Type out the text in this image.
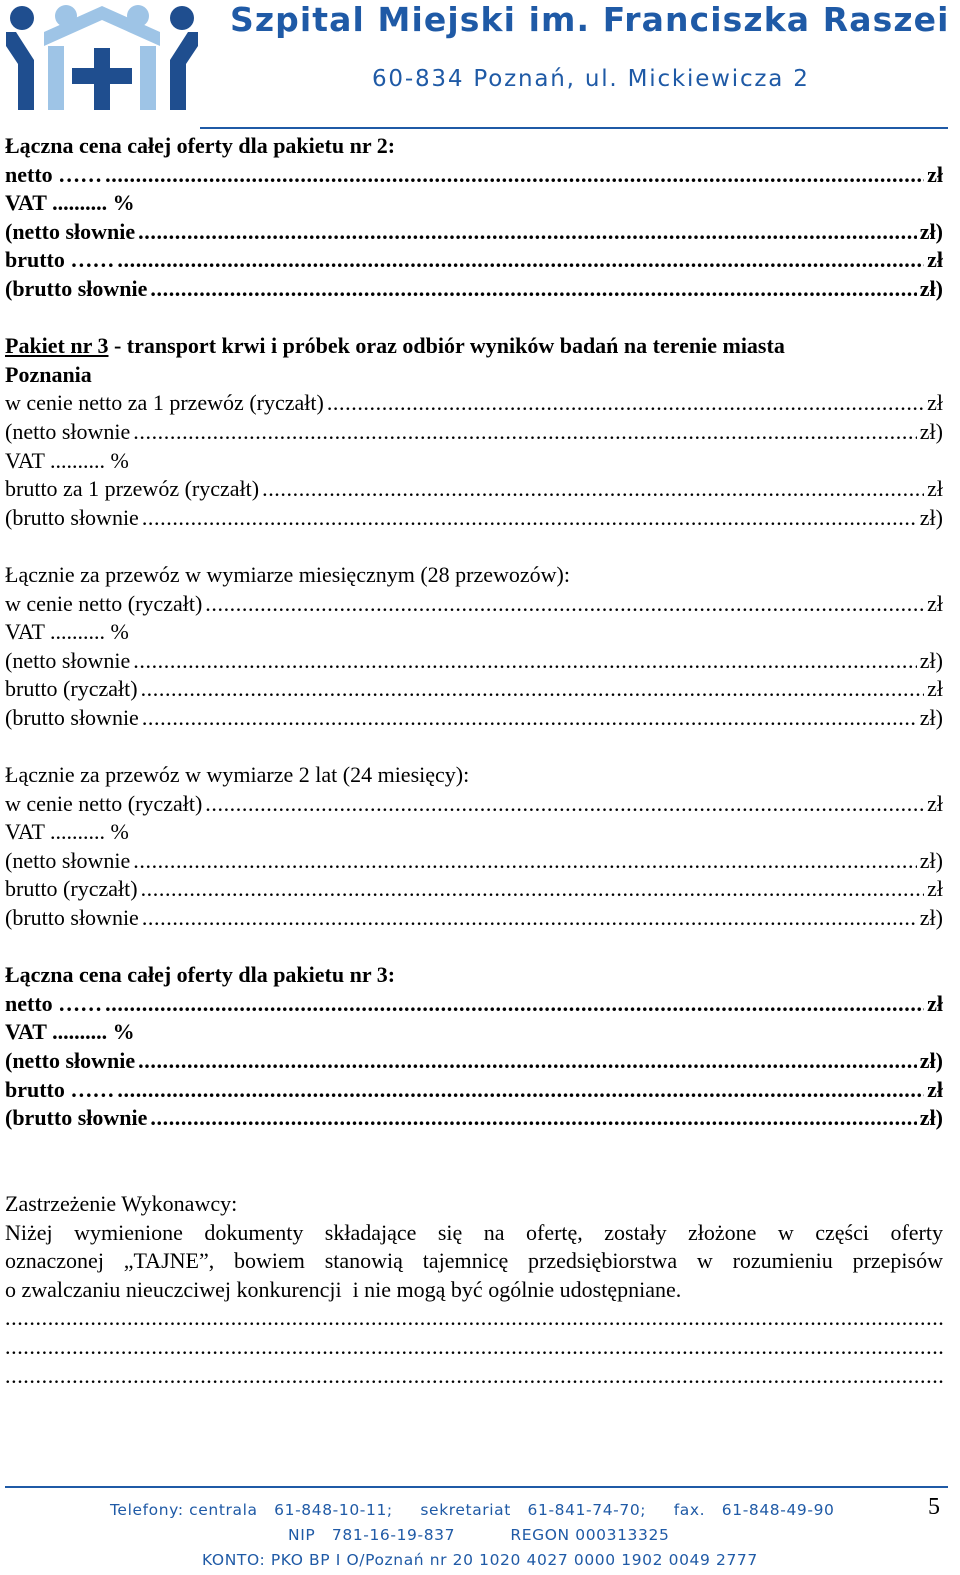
Szpital Miejski im. Franciszka Raszei
60-834 Poznań, ul. Mickiewicza 2
Łączna cena całej oferty dla pakietu nr 2:
netto …… .....	zł
VAT .......... %
(netto słownie .....	zł)
brutto …… .....	zł
(brutto słownie .....	zł)
Pakiet nr 3 - transport krwi i próbek oraz odbiór wyników badań na terenie miasta
Poznania
w cenie netto za 1 przewóz (ryczałt) .....	zł
(netto słownie .....	zł)
VAT .......... %
brutto za 1 przewóz (ryczałt) .....	zł
(brutto słownie .....	zł)
Łącznie za przewóz w wymiarze miesięcznym (28 przewozów):
w cenie netto (ryczałt) .....	zł
VAT .......... %
(netto słownie .....	zł)
brutto (ryczałt) .....	zł
(brutto słownie .....	zł)
Łącznie za przewóz w wymiarze 2 lat (24 miesięcy):
w cenie netto (ryczałt) .....	zł
VAT .......... %
(netto słownie .....	zł)
brutto (ryczałt) .....	zł
(brutto słownie .....	zł)
Łączna cena całej oferty dla pakietu nr 3:
netto …… .....	zł
VAT .......... %
(netto słownie .....	zł)
brutto …… .....	zł
(brutto słownie .....	zł)
Zastrzeżenie Wykonawcy:
Niżej wymienione dokumenty składające się na ofertę, zostały złożone w części oferty
oznaczonej „TAJNE”, bowiem stanowią tajemnicę przedsiębiorstwa w rozumieniu przepisów
o zwalczaniu nieuczciwej konkurencji  i nie mogą być ogólnie udostępniane.
.....
.....
.....
Telefony: centrala   61-848-10-11;     sekretariat   61-841-74-70;     fax.   61-848-49-90
NIP   781-16-19-837          REGON 000313325
KONTO: PKO BP I O/Poznań nr 20 1020 4027 0000 1902 0049 2777
5
